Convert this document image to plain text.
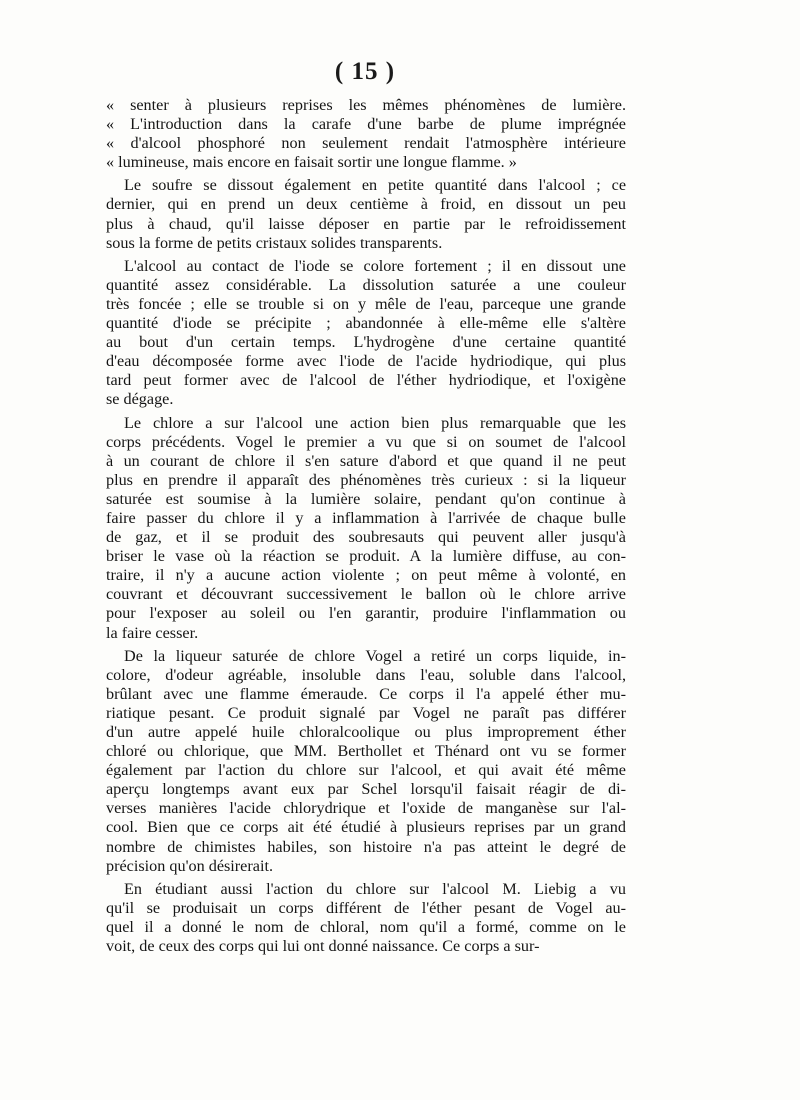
( 15 )
« senter à plusieurs reprises les mêmes phénomènes de lumière.
« L'introduction dans la carafe d'une barbe de plume imprégnée
« d'alcool phosphoré non seulement rendait l'atmosphère intérieure
« lumineuse, mais encore en faisait sortir une longue flamme. »
Le soufre se dissout également en petite quantité dans l'alcool ; ce
dernier, qui en prend un deux centième à froid, en dissout un peu
plus à chaud, qu'il laisse déposer en partie par le refroidissement
sous la forme de petits cristaux solides transparents.
L'alcool au contact de l'iode se colore fortement ; il en dissout une
quantité assez considérable. La dissolution saturée a une couleur
très foncée ; elle se trouble si on y mêle de l'eau, parceque une grande
quantité d'iode se précipite ; abandonnée à elle-même elle s'altère
au bout d'un certain temps. L'hydrogène d'une certaine quantité
d'eau décomposée forme avec l'iode de l'acide hydriodique, qui plus
tard peut former avec de l'alcool de l'éther hydriodique, et l'oxigène
se dégage.
Le chlore a sur l'alcool une action bien plus remarquable que les
corps précédents. Vogel le premier a vu que si on soumet de l'alcool
à un courant de chlore il s'en sature d'abord et que quand il ne peut
plus en prendre il apparaît des phénomènes très curieux : si la liqueur
saturée est soumise à la lumière solaire, pendant qu'on continue à
faire passer du chlore il y a inflammation à l'arrivée de chaque bulle
de gaz, et il se produit des soubresauts qui peuvent aller jusqu'à
briser le vase où la réaction se produit. A la lumière diffuse, au con-
traire, il n'y a aucune action violente ; on peut même à volonté, en
couvrant et découvrant successivement le ballon où le chlore arrive
pour l'exposer au soleil ou l'en garantir, produire l'inflammation ou
la faire cesser.
De la liqueur saturée de chlore Vogel a retiré un corps liquide, in-
colore, d'odeur agréable, insoluble dans l'eau, soluble dans l'alcool,
brûlant avec une flamme émeraude. Ce corps il l'a appelé éther mu-
riatique pesant. Ce produit signalé par Vogel ne paraît pas différer
d'un autre appelé huile chloralcoolique ou plus improprement éther
chloré ou chlorique, que MM. Berthollet et Thénard ont vu se former
également par l'action du chlore sur l'alcool, et qui avait été même
aperçu longtemps avant eux par Schel lorsqu'il faisait réagir de di-
verses manières l'acide chlorydrique et l'oxide de manganèse sur l'al-
cool. Bien que ce corps ait été étudié à plusieurs reprises par un grand
nombre de chimistes habiles, son histoire n'a pas atteint le degré de
précision qu'on désirerait.
En étudiant aussi l'action du chlore sur l'alcool M. Liebig a vu
qu'il se produisait un corps différent de l'éther pesant de Vogel au-
quel il a donné le nom de chloral, nom qu'il a formé, comme on le
voit, de ceux des corps qui lui ont donné naissance. Ce corps a sur-
